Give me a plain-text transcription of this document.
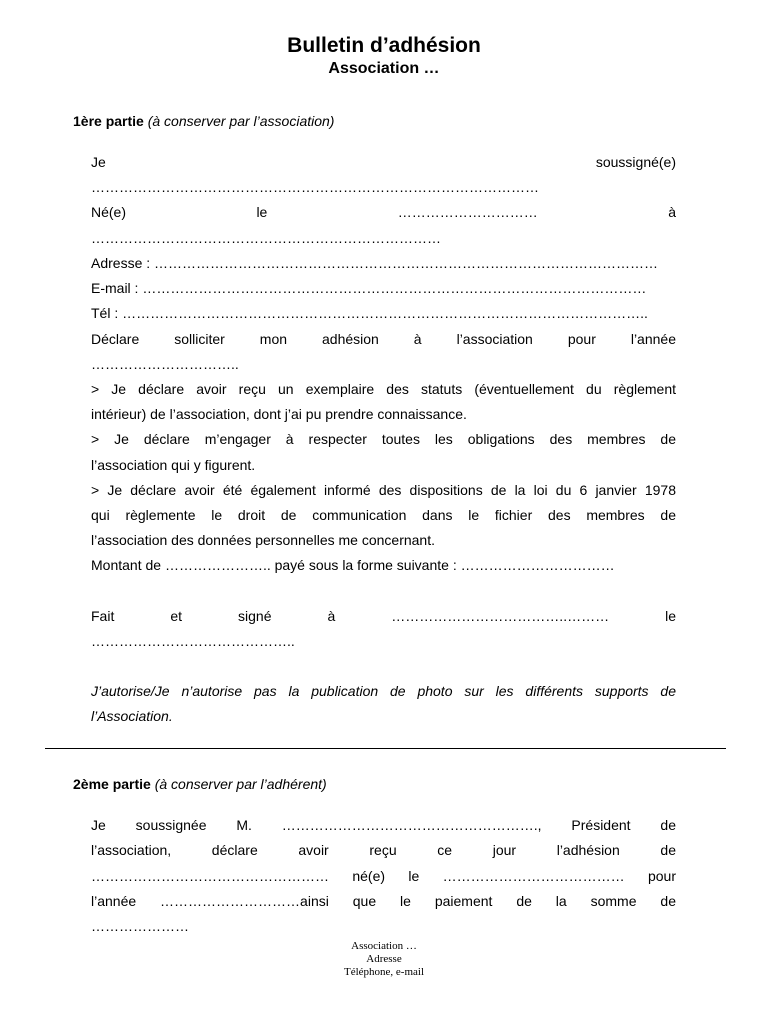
Bulletin d’adhésion
Association …
1ère partie (à conserver par l’association)
Je soussigné(e)
……………………………………………………………………………………
Né(e) le ………………………… à
…………………………………………………………………
Adresse : ………………………………………………………………………………………………
E-mail : ………………………………………………………………………………………………
Tél : …………………………………………………………………………………………………..
Déclare solliciter mon adhésion à l’association pour l’année
…………………………..
> Je déclare avoir reçu un exemplaire des statuts (éventuellement du règlement
intérieur) de l’association, dont j’ai pu prendre connaissance.
> Je déclare m’engager à respecter toutes les obligations des membres de
l’association qui y figurent.
> Je déclare avoir été également informé des dispositions de la loi du 6 janvier 1978
qui règlemente le droit de communication dans le fichier des membres de
l’association des données personnelles me concernant.
Montant de ………………….. payé sous la forme suivante : ……………………………
Fait et signé à ………………………………..……… le
……………………………………..
J’autorise/Je n’autorise pas la publication de photo sur les différents supports de
l’Association.
2ème partie (à conserver par l’adhérent)
Je soussignée M. ………………………………………………., Président de
l’association, déclare avoir reçu ce jour l’adhésion de
…………………………………………… né(e) le ………………………………… pour
l’année …………………………ainsi que le paiement de la somme de
…………………
Association …
Adresse
Téléphone, e-mail
